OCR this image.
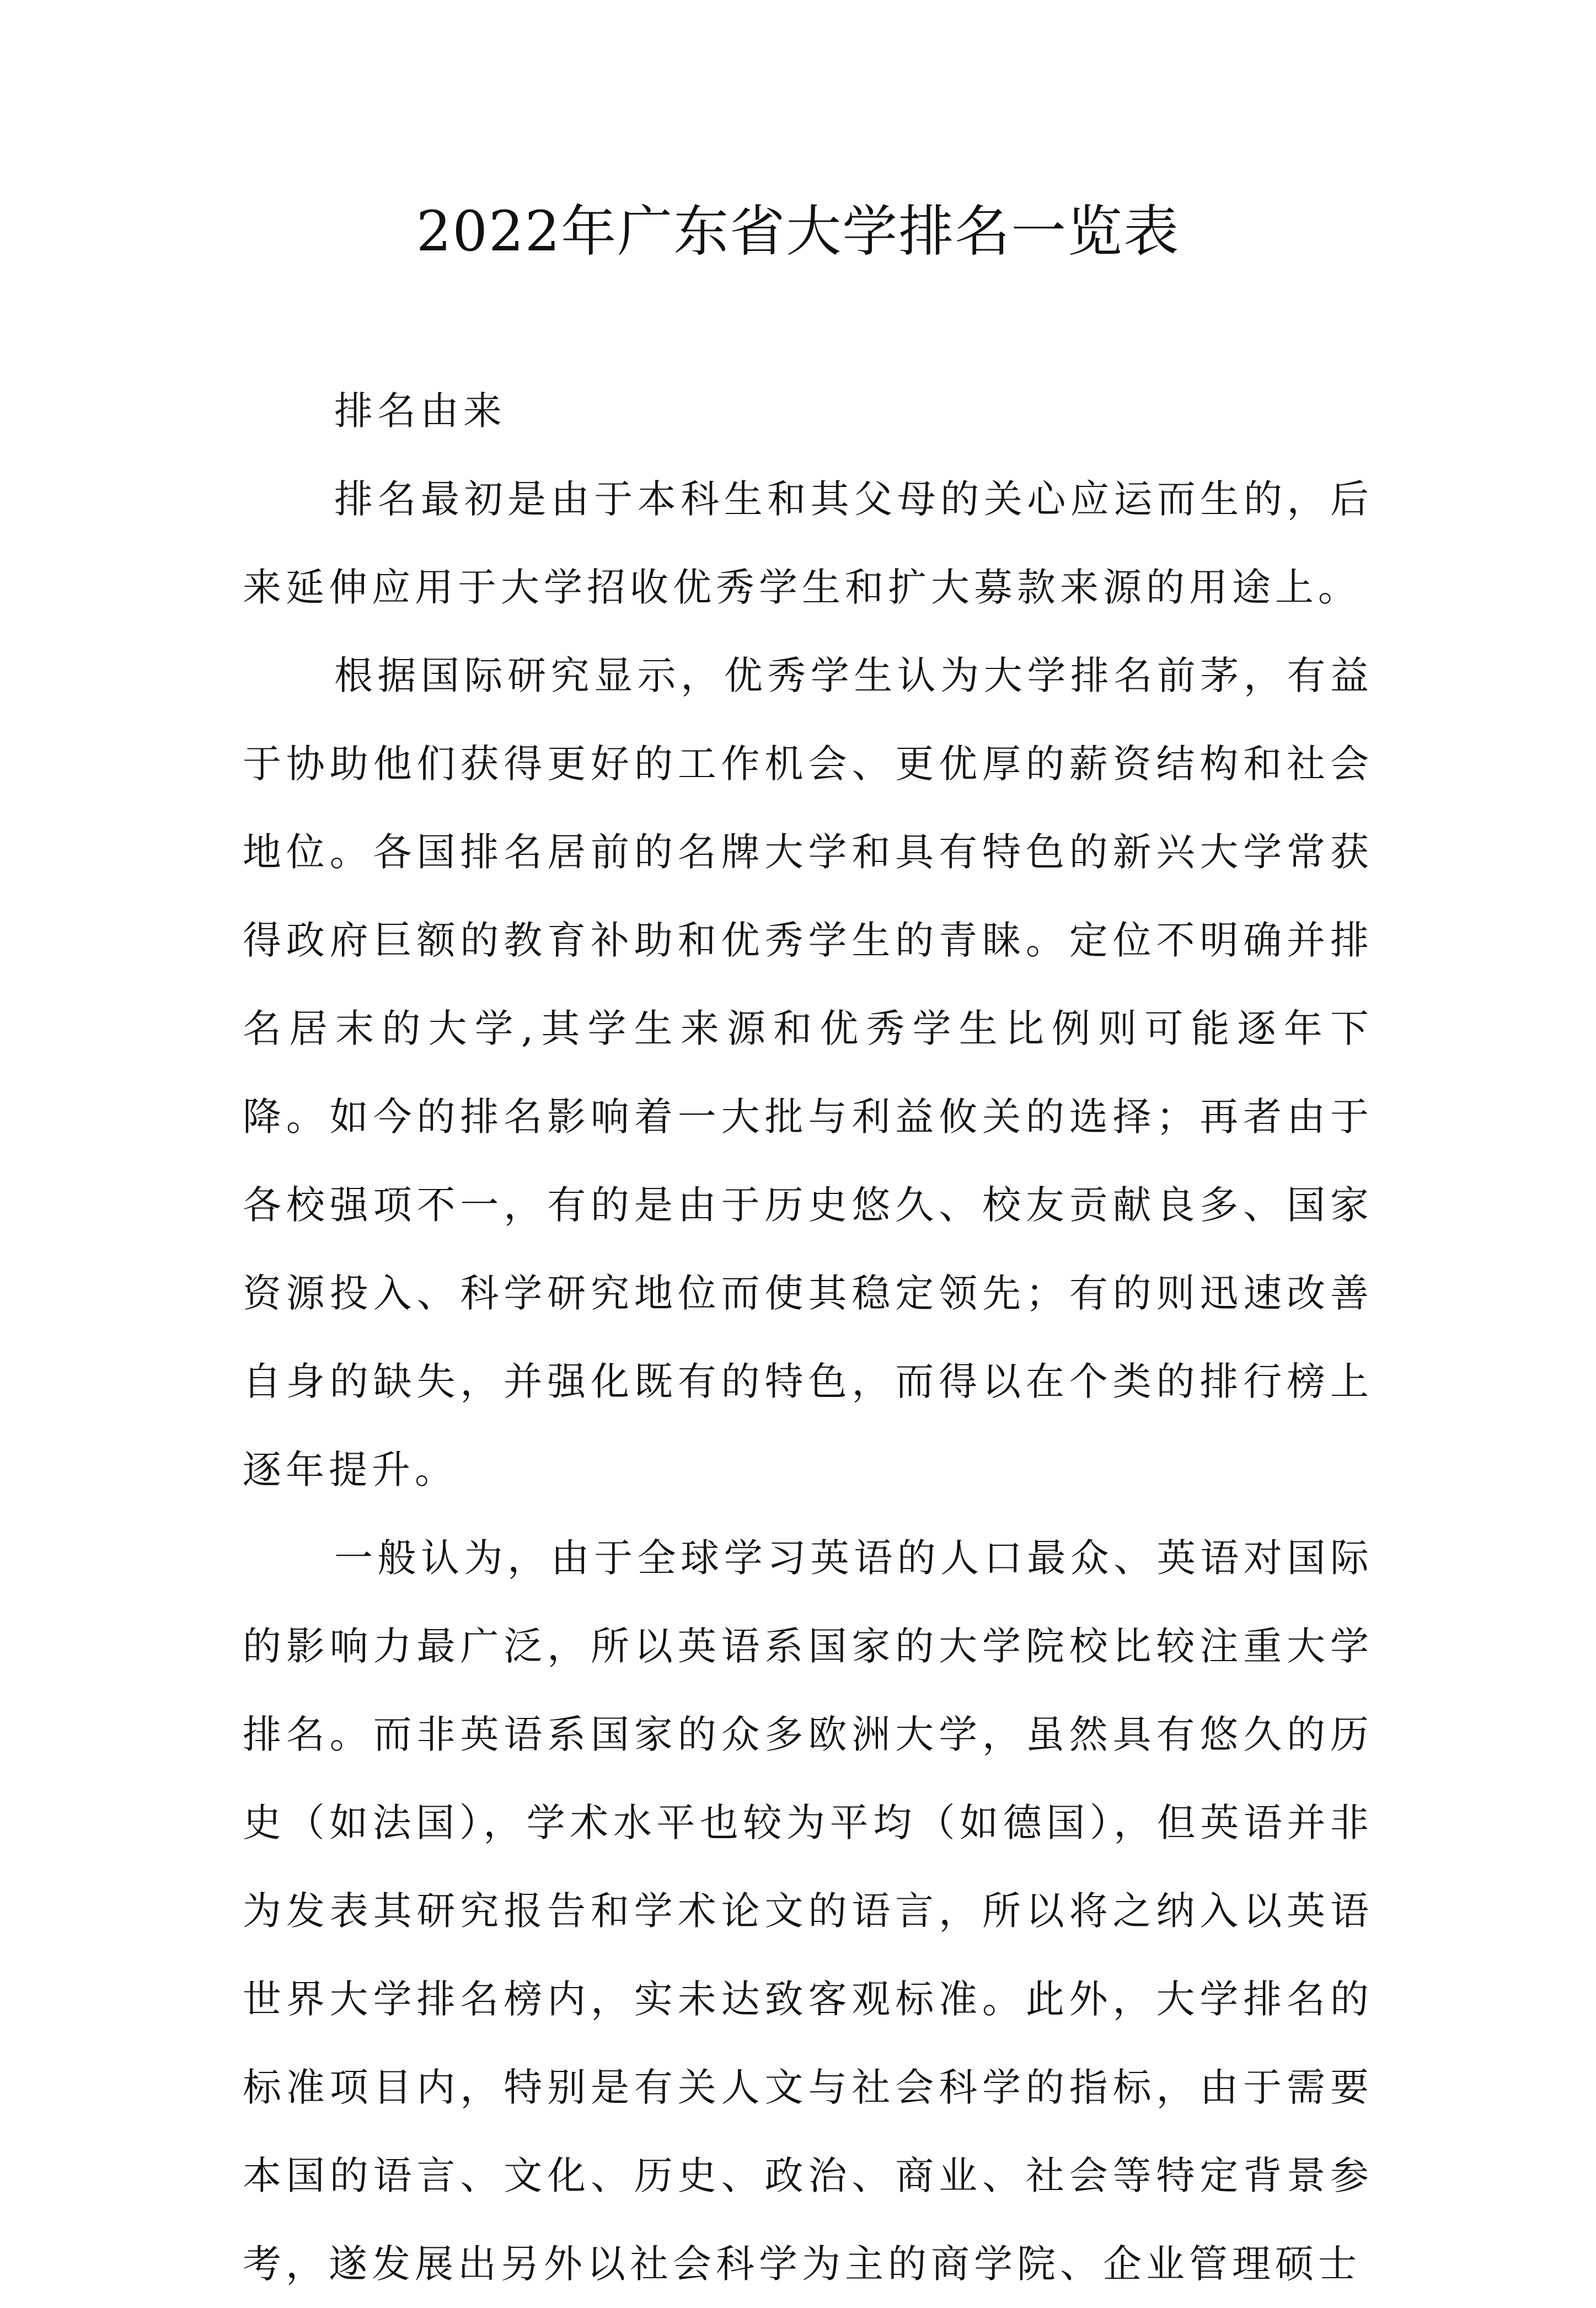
2022年广东省大学排名一览表

排名由来

排名最初是由于本科生和其父母的关心应运而生的，后来延伸应用于大学招收优秀学生和扩大募款来源的用途上。

根据国际研究显示，优秀学生认为大学排名前茅，有益于协助他们获得更好的工作机会、更优厚的薪资结构和社会地位。各国排名居前的名牌大学和具有特色的新兴大学常获得政府巨额的教育补助和优秀学生的青睐。定位不明确并排名居末的大学,其学生来源和优秀学生比例则可能逐年下降。如今的排名影响着一大批与利益攸关的选择；再者由于各校强项不一，有的是由于历史悠久、校友贡献良多、国家资源投入、科学研究地位而使其稳定领先；有的则迅速改善自身的缺失，并强化既有的特色，而得以在个类的排行榜上逐年提升。

一般认为，由于全球学习英语的人口最众、英语对国际的影响力最广泛，所以英语系国家的大学院校比较注重大学排名。而非英语系国家的众多欧洲大学，虽然具有悠久的历史（如法国），学术水平也较为平均（如德国），但英语并非为发表其研究报告和学术论文的语言，所以将之纳入以英语世界大学排名榜内，实未达致客观标准。此外，大学排名的标准项目内，特别是有关人文与社会科学的指标，由于需要本国的语言、文化、历史、政治、商业、社会等特定背景参考，遂发展出另外以社会科学为主的商学院、企业管理硕士
